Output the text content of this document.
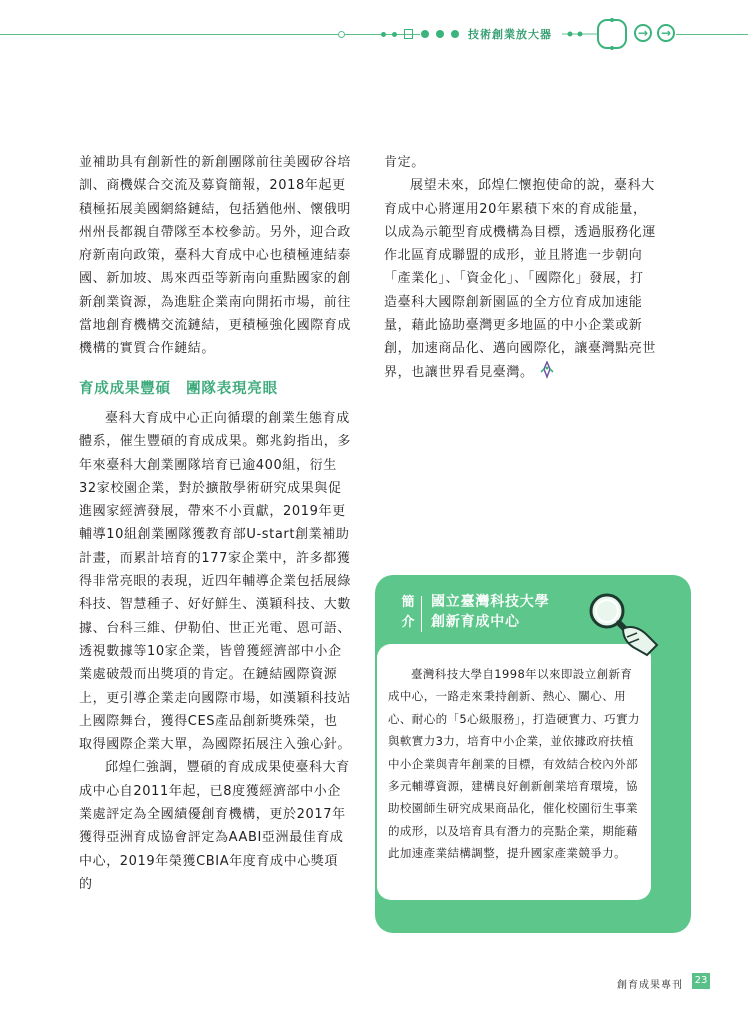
技術創業放大器	→	→

並補助具有創新性的新創團隊前往美國矽谷培訓、商機媒合交流及募資簡報，2018年起更積極拓展美國網絡鏈結，包括猶他州、懷俄明州州長都親自帶隊至本校參訪。另外，迎合政府新南向政策，臺科大育成中心也積極連結泰國、新加坡、馬來西亞等新南向重點國家的創新創業資源，為進駐企業南向開拓市場，前往當地創育機構交流鏈結，更積極強化國際育成機構的實質合作鏈結。

育成成果豐碩　團隊表現亮眼

臺科大育成中心正向循環的創業生態育成體系，催生豐碩的育成成果。鄭兆鈞指出，多年來臺科大創業團隊培育已逾400組，衍生32家校園企業，對於擴散學術研究成果與促進國家經濟發展，帶來不小貢獻，2019年更輔導10組創業團隊獲教育部U-start創業補助計畫，而累計培育的177家企業中，許多都獲得非常亮眼的表現，近四年輔導企業包括展綠科技、智慧種子、好好鮮生、漢穎科技、大數據、台科三維、伊勒伯、世正光電、恩可語、透視數據等10家企業，皆曾獲經濟部中小企業處破殼而出獎項的肯定。在鏈結國際資源上，更引導企業走向國際市場，如漢穎科技站上國際舞台，獲得CES產品創新獎殊榮，也取得國際企業大單，為國際拓展注入強心針。

邱煌仁強調，豐碩的育成成果使臺科大育成中心自2011年起，已8度獲經濟部中小企業處評定為全國績優創育機構，更於2017年獲得亞洲育成協會評定為AABI亞洲最佳育成中心，2019年榮獲CBIA年度育成中心獎項的

肯定。

展望未來，邱煌仁懷抱使命的說，臺科大育成中心將運用20年累積下來的育成能量，以成為示範型育成機構為目標，透過服務化運作北區育成聯盟的成形，並且將進一步朝向「產業化」、「資金化」、「國際化」發展，打造臺科大國際創新園區的全方位育成加速能量，藉此協助臺灣更多地區的中小企業或新創，加速商品化、邁向國際化，讓臺灣點亮世界，也讓世界看見臺灣。

簡
介
國立臺灣科技大學
創新育成中心

臺灣科技大學自1998年以來即設立創新育成中心，一路走來秉持創新、熱心、關心、用心、耐心的「5心級服務」，打造硬實力、巧實力與軟實力3力，培育中小企業，並依據政府扶植中小企業與青年創業的目標，有效結合校內外部多元輔導資源，建構良好創新創業培育環境，協助校園師生研究成果商品化，催化校園衍生事業的成形，以及培育具有潛力的亮點企業，期能藉此加速產業結構調整，提升國家產業競爭力。

創育成果專刊 23
